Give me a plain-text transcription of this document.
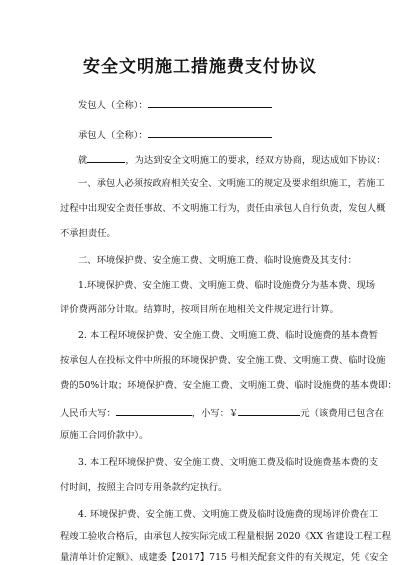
安全文明施工措施费支付协议
发包人（全称）：
承包人（全称）：
就	，为达到安全文明施工的要求，经双方协商，现达成如下协议：
一、承包人必须按政府相关安全、文明施工的规定及要求组织施工，若施工
过程中出现安全责任事故、不文明施工行为，责任由承包人自行负责，发包人概
不承担责任。
二、环境保护费、安全施工费、文明施工费、临时设施费及其支付：
1.环境保护费、安全施工费、文明施工费、临时设施费分为基本费、现场
评价费两部分计取。结算时，按项目所在地相关文件规定进行计算。
2. 本工程环境保护费、安全施工费、文明施工费、临时设施费的基本费暂
按承包人在投标文件中所报的环境保护费、安全施工费、文明施工费、临时设施
费的50%计取；环境保护费、安全施工费、文明施工费、临时设施费的基本费即：
人民币大写：	，小写：￥	元（该费用已包含在
原施工合同价款中）。
3. 本工程环境保护费、安全施工费、文明施工费及临时设施费基本费的支
付时间，按照主合同专用条款约定执行。
4. 环境保护费、安全施工费、文明施工费及临时设施费的现场评价费在工
程竣工验收合格后，由承包人按实际完成工程量根据 2020《XX 省建设工程工程
量清单计价定额》、成建委【2017】715 号相关配套文件的有关规定，凭《安全
